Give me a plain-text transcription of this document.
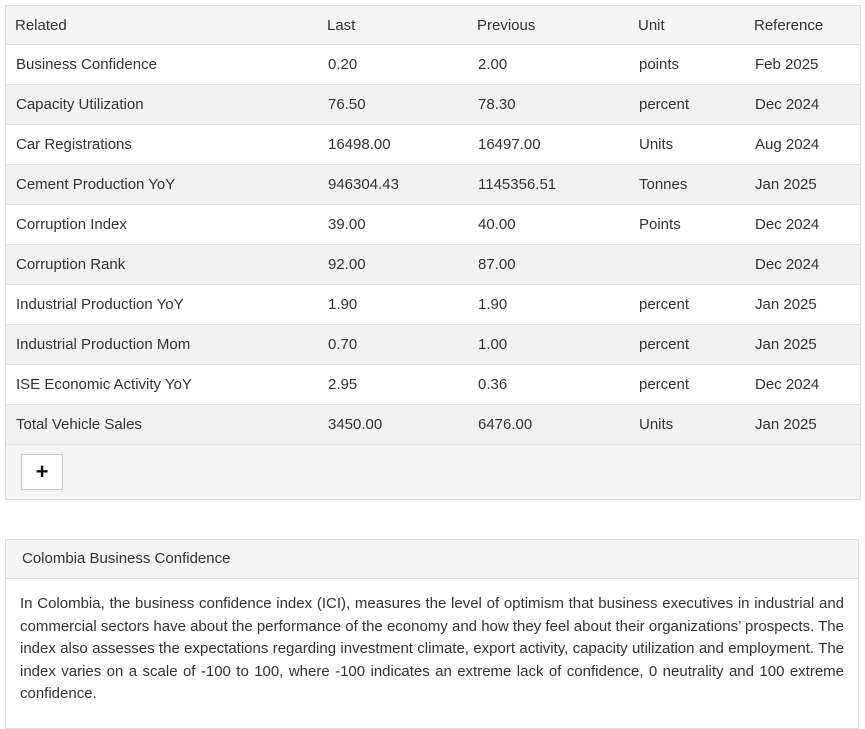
Related	Last	Previous	Unit	Reference
Business Confidence	0.20	2.00	points	Feb 2025
Capacity Utilization	76.50	78.30	percent	Dec 2024
Car Registrations	16498.00	16497.00	Units	Aug 2024
Cement Production YoY	946304.43	1145356.51	Tonnes	Jan 2025
Corruption Index	39.00	40.00	Points	Dec 2024
Corruption Rank	92.00	87.00		Dec 2024
Industrial Production YoY	1.90	1.90	percent	Jan 2025
Industrial Production Mom	0.70	1.00	percent	Jan 2025
ISE Economic Activity YoY	2.95	0.36	percent	Dec 2024
Total Vehicle Sales	3450.00	6476.00	Units	Jan 2025
+
Colombia Business Confidence
In Colombia, the business confidence index (ICI), measures the level of optimism that business executives in industrial and commercial sectors have about the performance of the economy and how they feel about their organizations’ prospects. The index also assesses the expectations regarding investment climate, export activity, capacity utilization and employment. The index varies on a scale of -100 to 100, where -100 indicates an extreme lack of confidence, 0 neutrality and 100 extreme confidence.
